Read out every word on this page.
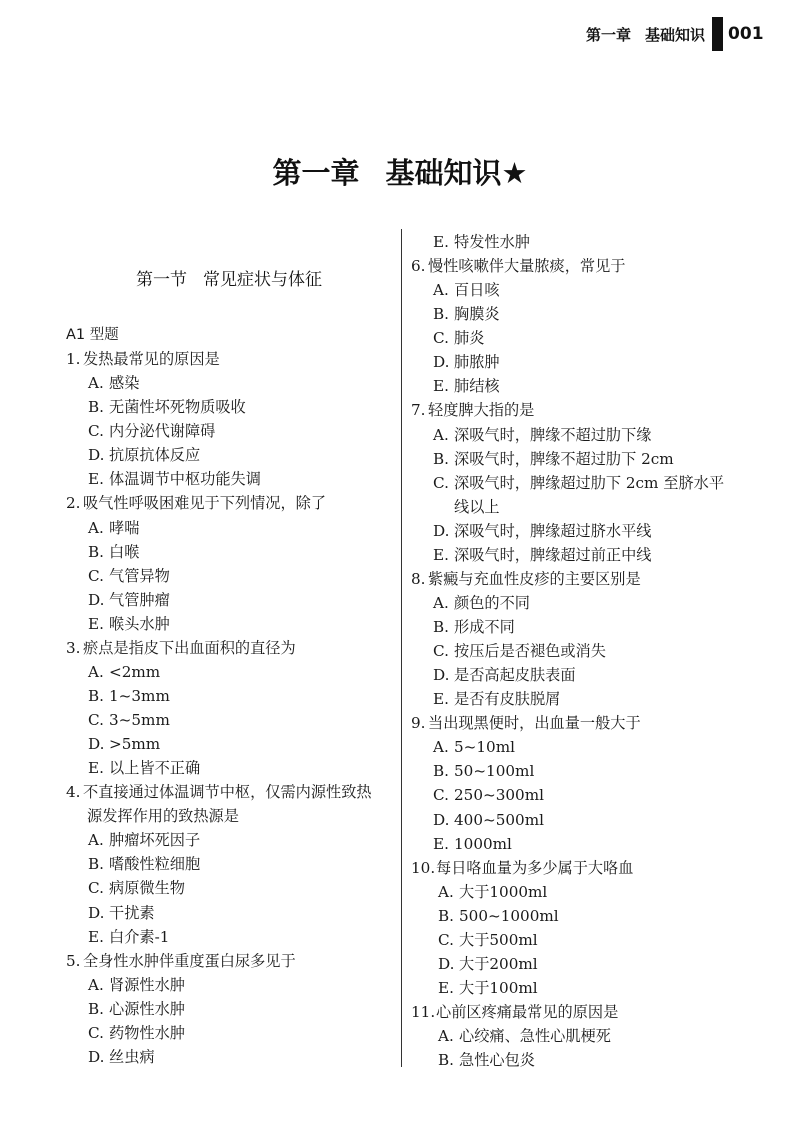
第一章 基础知识 001
第一章 基础知识★
第一节 常见症状与体征
A1 型题
1. 发热最常见的原因是
A. 感染
B. 无菌性坏死物质吸收
C. 内分泌代谢障碍
D. 抗原抗体反应
E. 体温调节中枢功能失调
2. 吸气性呼吸困难见于下列情况，除了
A. 哮喘
B. 白喉
C. 气管异物
D. 气管肿瘤
E. 喉头水肿
3. 瘀点是指皮下出血面积的直径为
A. <2mm
B. 1~3mm
C. 3~5mm
D. >5mm
E. 以上皆不正确
4. 不直接通过体温调节中枢，仅需内源性致热
源发挥作用的致热源是
A. 肿瘤坏死因子
B. 嗜酸性粒细胞
C. 病原微生物
D. 干扰素
E. 白介素-1
5. 全身性水肿伴重度蛋白尿多见于
A. 肾源性水肿
B. 心源性水肿
C. 药物性水肿
D. 丝虫病
E. 特发性水肿
6. 慢性咳嗽伴大量脓痰，常见于
A. 百日咳
B. 胸膜炎
C. 肺炎
D. 肺脓肿
E. 肺结核
7. 轻度脾大指的是
A. 深吸气时，脾缘不超过肋下缘
B. 深吸气时，脾缘不超过肋下 2cm
C. 深吸气时，脾缘超过肋下 2cm 至脐水平
线以上
D. 深吸气时，脾缘超过脐水平线
E. 深吸气时，脾缘超过前正中线
8. 紫癜与充血性皮疹的主要区别是
A. 颜色的不同
B. 形成不同
C. 按压后是否褪色或消失
D. 是否高起皮肤表面
E. 是否有皮肤脱屑
9. 当出现黑便时，出血量一般大于
A. 5~10ml
B. 50~100ml
C. 250~300ml
D. 400~500ml
E. 1000ml
10.每日咯血量为多少属于大咯血
A. 大于1000ml
B. 500~1000ml
C. 大于500ml
D. 大于200ml
E. 大于100ml
11.心前区疼痛最常见的原因是
A. 心绞痛、急性心肌梗死
B. 急性心包炎
